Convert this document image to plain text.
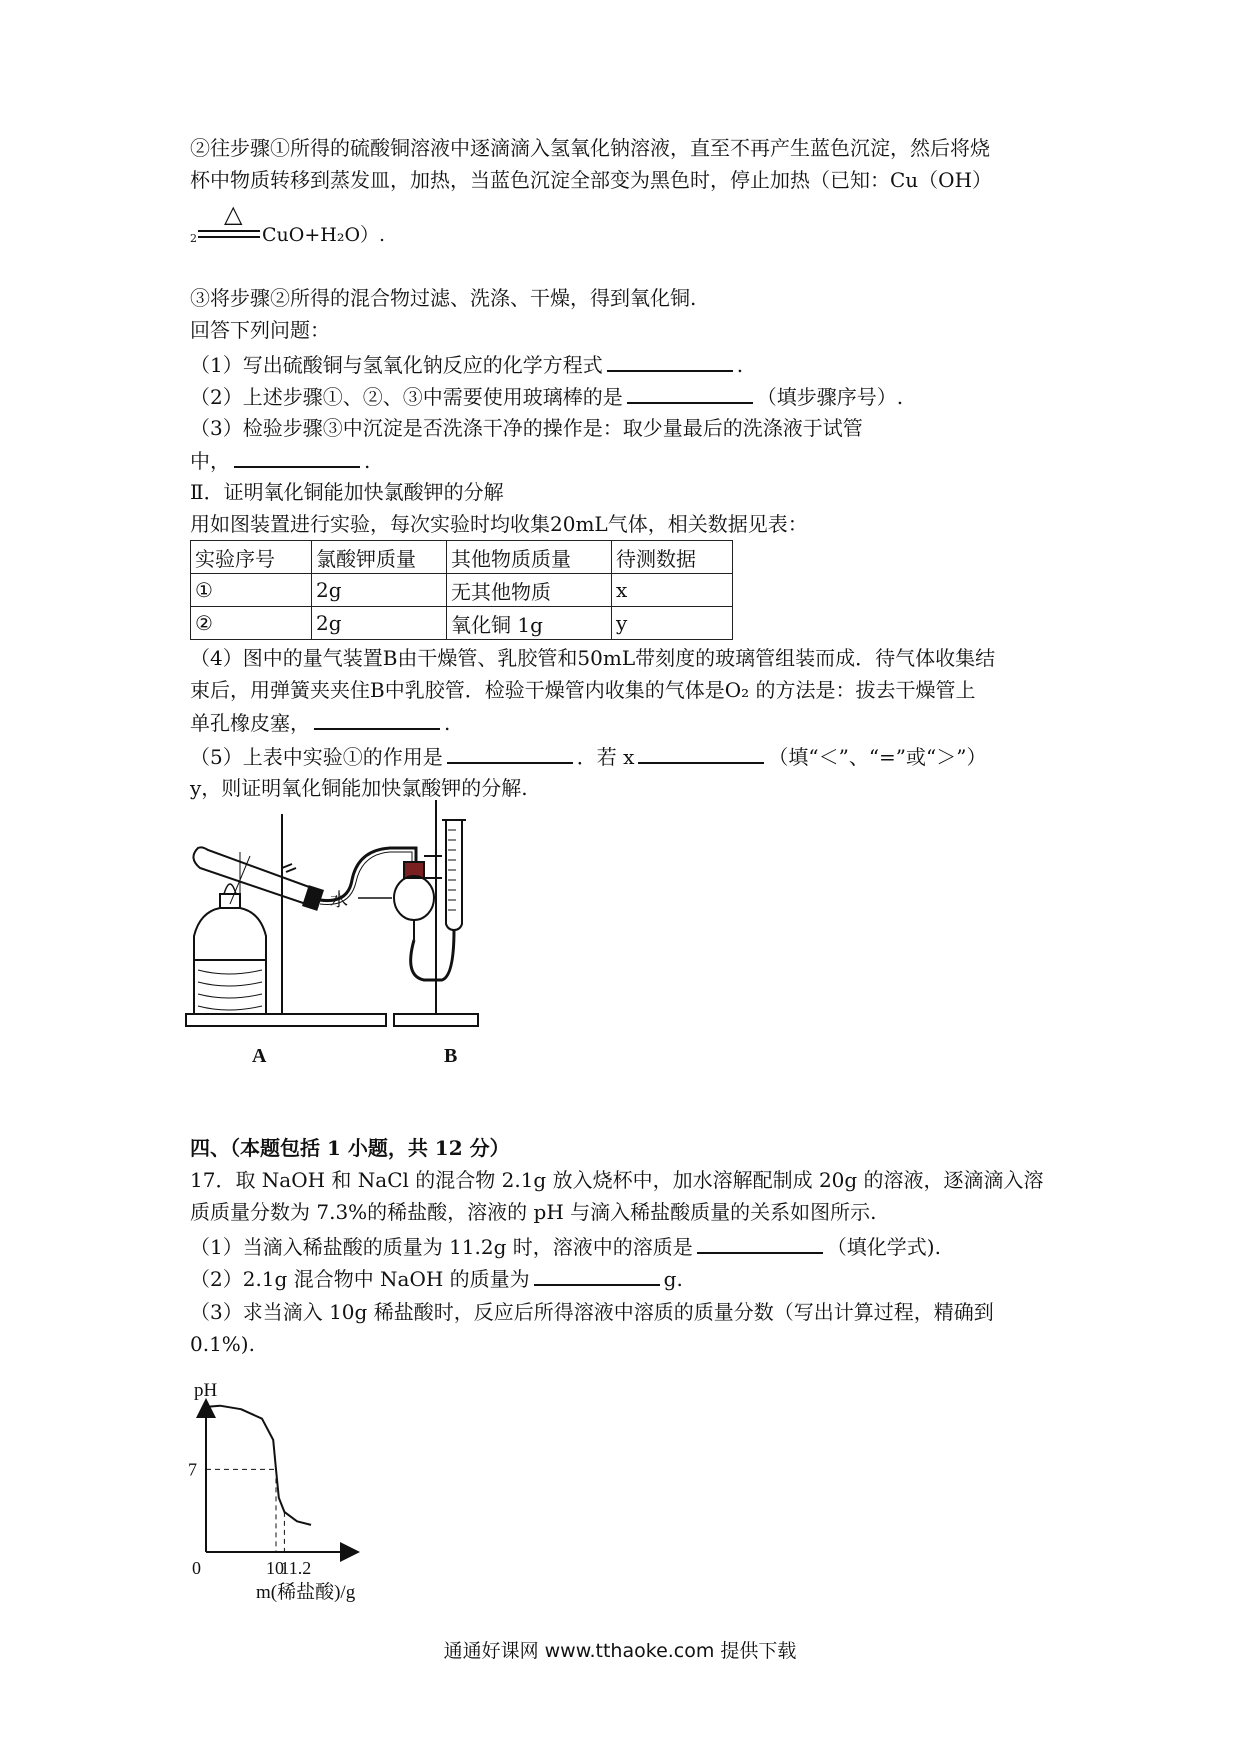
②往步骤①所得的硫酸铜溶液中逐滴滴入氢氧化钠溶液，直至不再产生蓝色沉淀，然后将烧
杯中物质转移到蒸发皿，加热，当蓝色沉淀全部变为黑色时，停止加热（已知：Cu（OH）
2
△
CuO+H₂O）.
③将步骤②所得的混合物过滤、洗涤、干燥，得到氧化铜.
回答下列问题：
（1）写出硫酸铜与氢氧化钠反应的化学方程式	.
（2）上述步骤①、②、③中需要使用玻璃棒的是	（填步骤序号）.
（3）检验步骤③中沉淀是否洗涤干净的操作是：取少量最后的洗涤液于试管
中，	.
Ⅱ．证明氧化铜能加快氯酸钾的分解
用如图装置进行实验，每次实验时均收集20mL气体，相关数据见表：
实验序号	氯酸钾质量	其他物质质量	待测数据
①	2g	无其他物质	x
②	2g	氧化铜 1g	y
（4）图中的量气装置B由干燥管、乳胶管和50mL带刻度的玻璃管组装而成．待气体收集结
束后，用弹簧夹夹住B中乳胶管．检验干燥管内收集的气体是O₂ 的方法是：拔去干燥管上
单孔橡皮塞，	.
（5）上表中实验①的作用是	．若 x	（填“＜”、“=”或“＞”）
y，则证明氧化铜能加快氯酸钾的分解.
水
A	B
四、（本题包括 1 小题，共 12 分）
17．取 NaOH 和 NaCl 的混合物 2.1g 放入烧杯中，加水溶解配制成 20g 的溶液，逐滴滴入溶
质质量分数为 7.3%的稀盐酸，溶液的 pH 与滴入稀盐酸质量的关系如图所示.
（1）当滴入稀盐酸的质量为 11.2g 时，溶液中的溶质是	（填化学式).
（2）2.1g 混合物中 NaOH 的质量为	g.
（3）求当滴入 10g 稀盐酸时，反应后所得溶液中溶质的质量分数（写出计算过程，精确到
0.1%).
pH
m(稀盐酸)/g
0
7
10
11.2
通通好课网 www.tthaoke.com 提供下载
